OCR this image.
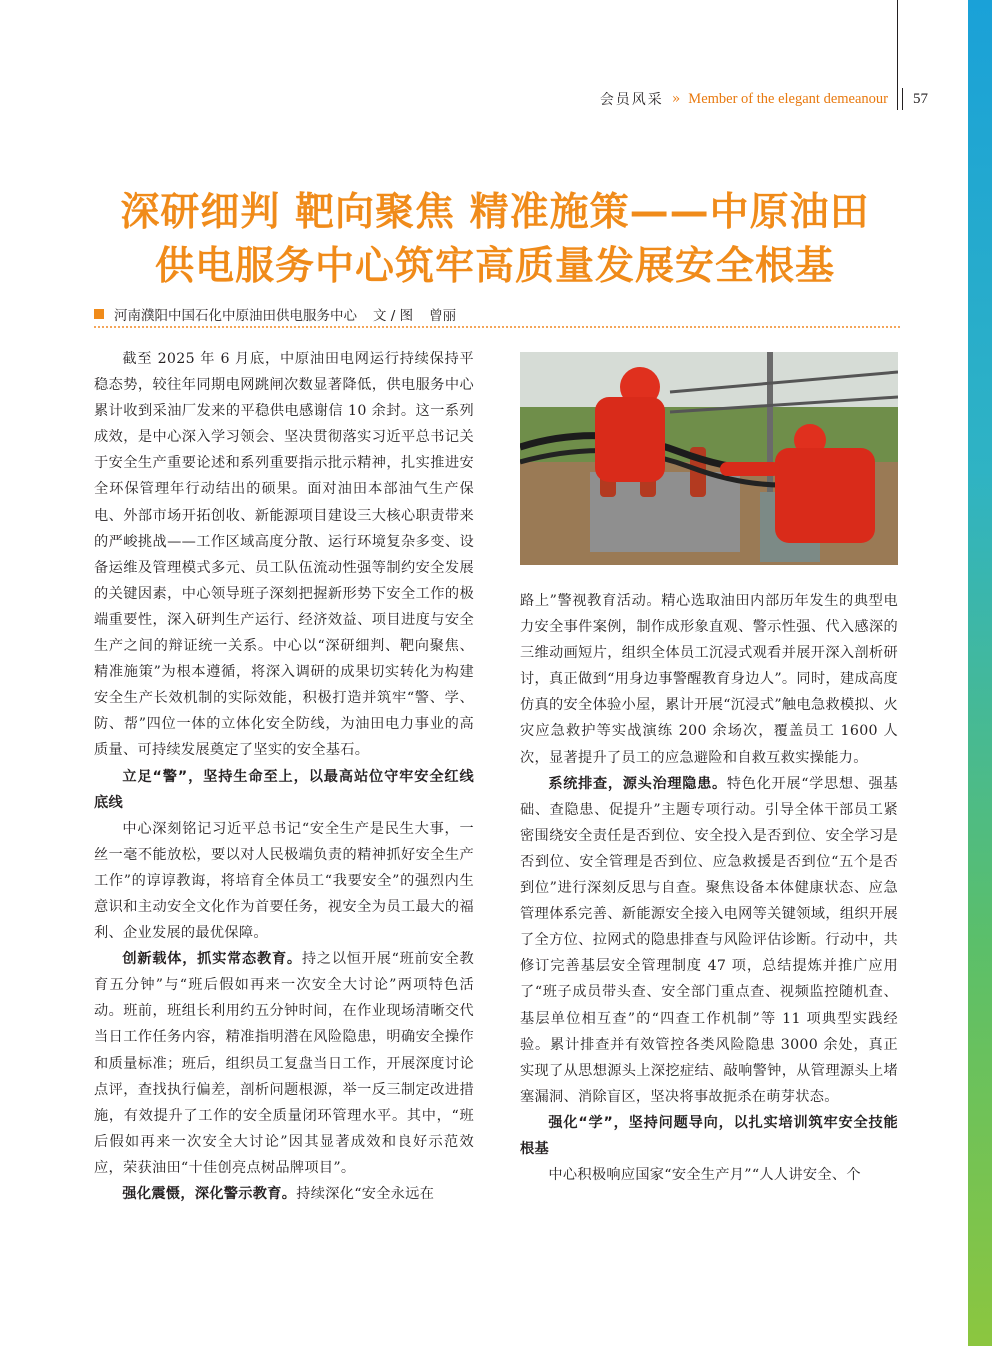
会员风采 » Member of the elegant demeanour 57
深研细判 靶向聚焦 精准施策——中原油田
供电服务中心筑牢高质量发展安全根基
河南濮阳中国石化中原油田供电服务中心 文 / 图 曾丽

截至 2025 年 6 月底，中原油田电网运行持续保持平稳态势，较往年同期电网跳闸次数显著降低，供电服务中心累计收到采油厂发来的平稳供电感谢信 10 余封。这一系列成效，是中心深入学习领会、坚决贯彻落实习近平总书记关于安全生产重要论述和系列重要指示批示精神，扎实推进安全环保管理年行动结出的硕果。面对油田本部油气生产保电、外部市场开拓创收、新能源项目建设三大核心职责带来的严峻挑战——工作区域高度分散、运行环境复杂多变、设备运维及管理模式多元、员工队伍流动性强等制约安全发展的关键因素，中心领导班子深刻把握新形势下安全工作的极端重要性，深入研判生产运行、经济效益、项目进度与安全生产之间的辩证统一关系。中心以“深研细判、靶向聚焦、精准施策”为根本遵循，将深入调研的成果切实转化为构建安全生产长效机制的实际效能，积极打造并筑牢“警、学、防、帮”四位一体的立体化安全防线，为油田电力事业的高质量、可持续发展奠定了坚实的安全基石。

立足“警”，坚持生命至上，以最高站位守牢安全红线底线

中心深刻铭记习近平总书记“安全生产是民生大事，一丝一毫不能放松，要以对人民极端负责的精神抓好安全生产工作”的谆谆教诲，将培育全体员工“我要安全”的强烈内生意识和主动安全文化作为首要任务，视安全为员工最大的福利、企业发展的最优保障。

创新载体，抓实常态教育。持之以恒开展“班前安全教育五分钟”与“班后假如再来一次安全大讨论”两项特色活动。班前，班组长利用约五分钟时间，在作业现场清晰交代当日工作任务内容，精准指明潜在风险隐患，明确安全操作和质量标准；班后，组织员工复盘当日工作，开展深度讨论点评，查找执行偏差，剖析问题根源，举一反三制定改进措施，有效提升了工作的安全质量闭环管理水平。其中，“班后假如再来一次安全大讨论”因其显著成效和良好示范效应，荣获油田“十佳创亮点树品牌项目”。

强化震慑，深化警示教育。持续深化“安全永远在

路上”警视教育活动。精心选取油田内部历年发生的典型电力安全事件案例，制作成形象直观、警示性强、代入感深的三维动画短片，组织全体员工沉浸式观看并展开深入剖析研讨，真正做到“用身边事警醒教育身边人”。同时，建成高度仿真的安全体验小屋，累计开展“沉浸式”触电急救模拟、火灾应急救护等实战演练 200 余场次，覆盖员工 1600 人次，显著提升了员工的应急避险和自救互救实操能力。

系统排查，源头治理隐患。特色化开展“学思想、强基础、查隐患、促提升”主题专项行动。引导全体干部员工紧密围绕安全责任是否到位、安全投入是否到位、安全学习是否到位、安全管理是否到位、应急救援是否到位“五个是否到位”进行深刻反思与自查。聚焦设备本体健康状态、应急管理体系完善、新能源安全接入电网等关键领域，组织开展了全方位、拉网式的隐患排查与风险评估诊断。行动中，共修订完善基层安全管理制度 47 项，总结提炼并推广应用了“班子成员带头查、安全部门重点查、视频监控随机查、基层单位相互查”的“四查工作机制”等 11 项典型实践经验。累计排查并有效管控各类风险隐患 3000 余处，真正实现了从思想源头上深挖症结、敲响警钟，从管理源头上堵塞漏洞、消除盲区，坚决将事故扼杀在萌芽状态。

强化“学”，坚持问题导向，以扎实培训筑牢安全技能根基

中心积极响应国家“安全生产月”“人人讲安全、个
